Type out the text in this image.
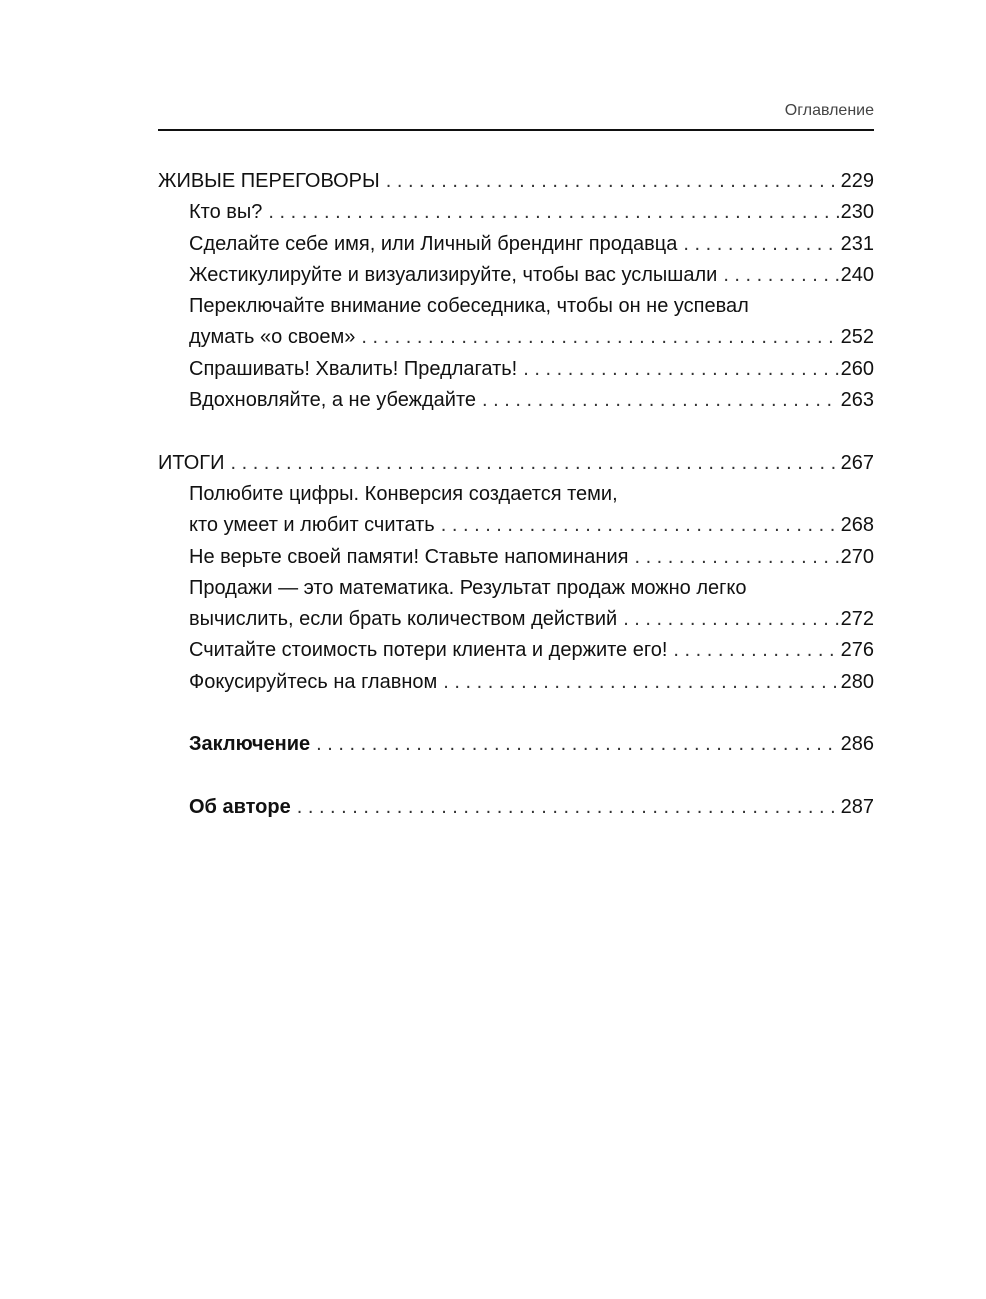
Оглавление
ЖИВЫЕ ПЕРЕГОВОРЫ . . .	229
Кто вы? . . .	230
Сделайте себе имя, или Личный брендинг продавца . . .	231
Жестикулируйте и визуализируйте, чтобы вас услышали . . .	240
Переключайте внимание собеседника, чтобы он не успевал
думать «о своем» . . .	252
Спрашивать! Хвалить! Предлагать! . . .	260
Вдохновляйте, а не убеждайте . . .	263
ИТОГИ . . .	267
Полюбите цифры. Конверсия создается теми,
кто умеет и любит считать . . .	268
Не верьте своей памяти! Ставьте напоминания . . .	270
Продажи — это математика. Результат продаж можно легко
вычислить, если брать количеством действий . . .	272
Считайте стоимость потери клиента и держите его! . . .	276
Фокусируйтесь на главном . . .	280
Заключение . . .	286
Об авторе . . .	287
